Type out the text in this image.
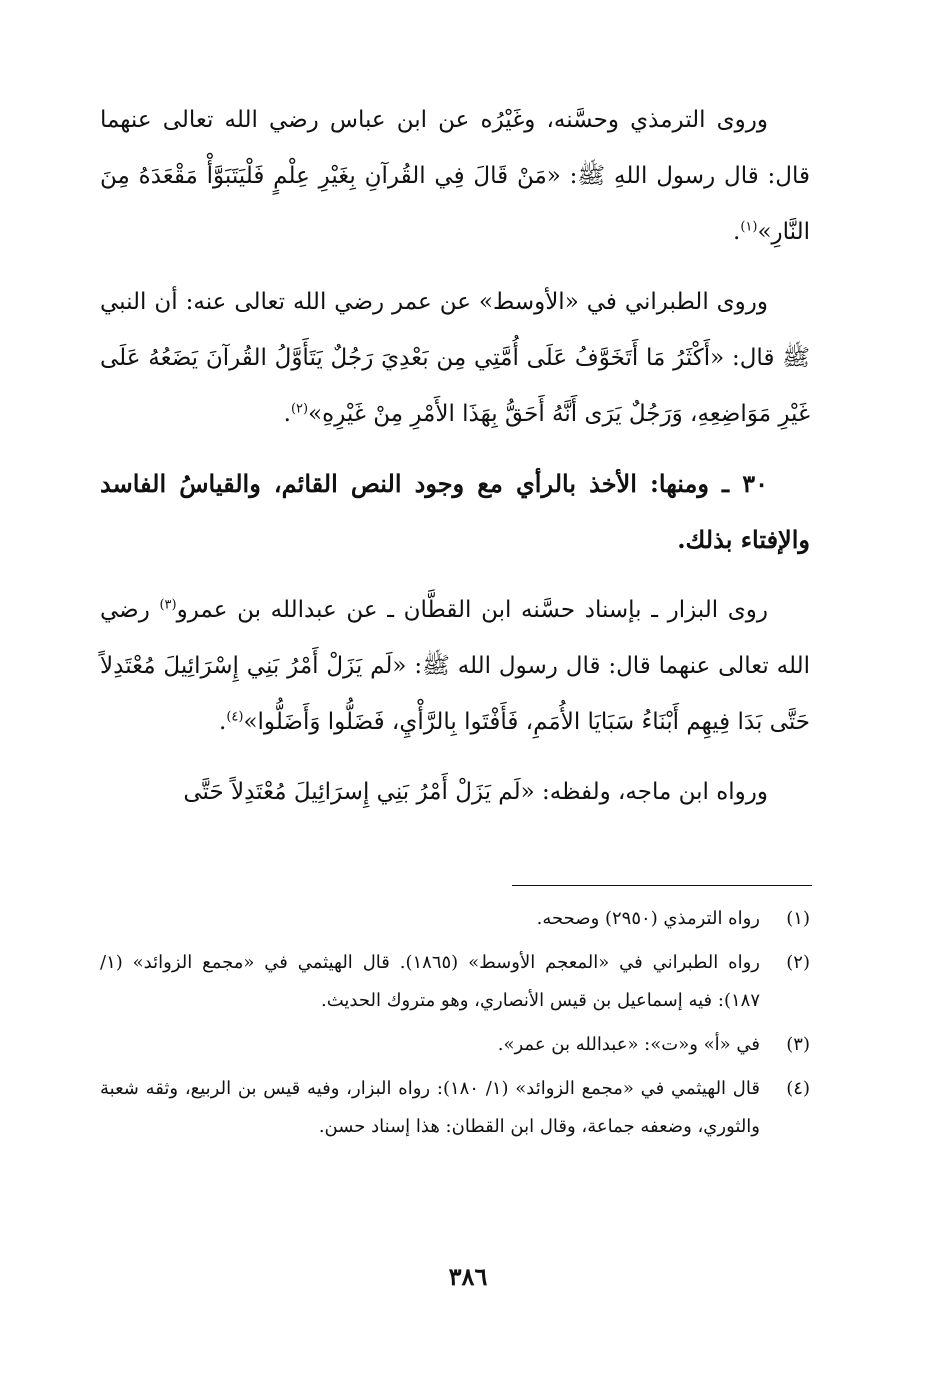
وروى الترمذي وحسَّنه، وغَيْرُه عن ابن عباس رضي الله تعالى عنهما قال: قال رسول اللهِ ﷺ: «مَنْ قَالَ فِي القُرآنِ بِغَيْرِ عِلْمٍ فَلْيَتَبَوَّأْ مَقْعَدَهُ مِنَ النَّارِ»$^{(١)}$.

وروى الطبراني في «الأوسط» عن عمر رضي الله تعالى عنه: أن النبي ﷺ قال: «أَكْثَرُ مَا أَتَخَوَّفُ عَلَى أُمَّتِي مِن بَعْدِيَ رَجُلٌ يَتَأَوَّلُ القُرآنَ يَضَعُهُ عَلَى غَيْرِ مَوَاضِعِهِ، وَرَجُلٌ يَرَى أَنَّهُ أَحَقُّ بِهَذَا الأَمْرِ مِنْ غَيْرِهِ»$^{(٢)}$.

٣٠ ـ ومنها: الأخذ بالرأي مع وجود النص القائم، والقياسُ الفاسد والإفتاء بذلك.

روى البزار ـ بإسناد حسَّنه ابن القطَّان ـ عن عبدالله بن عمرو$^{(٣)}$ رضي الله تعالى عنهما قال: قال رسول الله ﷺ: «لَم يَزَلْ أَمْرُ بَنِي إِسْرَائِيلَ مُعْتَدِلاً حَتَّى بَدَا فِيهِم أَبْنَاءُ سَبَايَا الأُمَمِ، فَأَفْتَوا بِالرَّأْيِ، فَضَلُّوا وَأَضَلُّوا»$^{(٤)}$.

ورواه ابن ماجه، ولفظه: «لَم يَزَلْ أَمْرُ بَنِي إِسرَائِيلَ مُعْتَدِلاً حَتَّى

(١)
رواه الترمذي (٢٩٥٠) وصححه.
(٢)
رواه الطبراني في «المعجم الأوسط» (١٨٦٥). قال الهيثمي في «مجمع الزوائد» (١/ ١٨٧): فيه إسماعيل بن قيس الأنصاري، وهو متروك الحديث.
(٣)
في «أ» و«ت»: «عبدالله بن عمر».
(٤)
قال الهيثمي في «مجمع الزوائد» (١/ ١٨٠): رواه البزار، وفيه قيس بن الربيع، وثقه شعبة والثوري، وضعفه جماعة، وقال ابن القطان: هذا إسناد حسن.
٣٨٦
